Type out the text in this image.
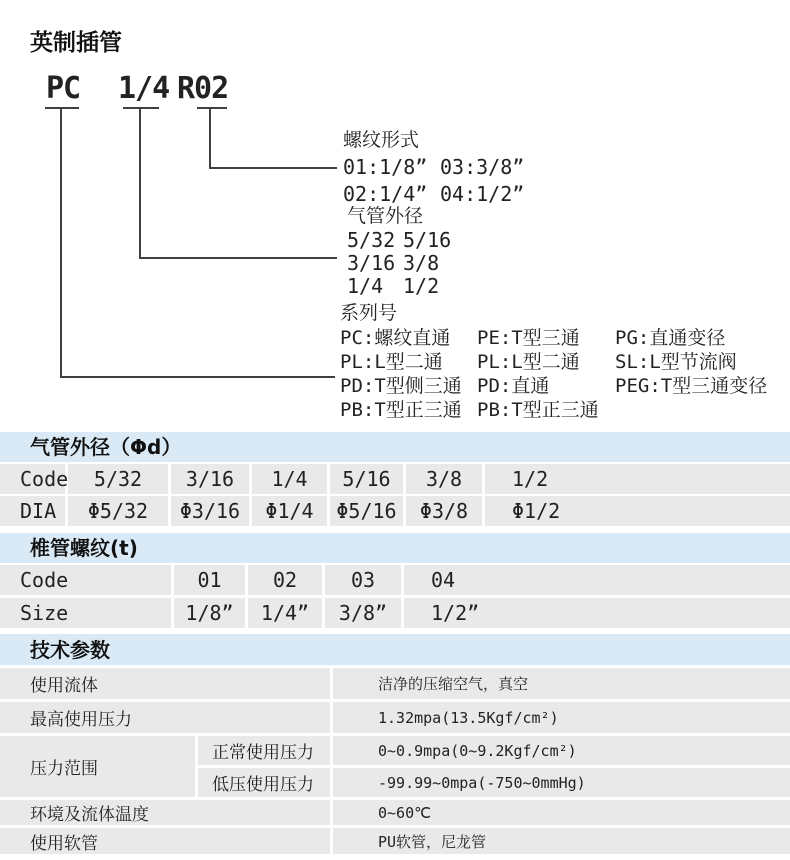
英制插管
PC 1/4 R02
螺纹形式
01:1/8” 03:3/8”
02:1/4” 04:1/2”
气管外径
5/32 5/16
3/16 3/8
1/4 1/2
系列号
PC:螺纹直通 PE:T型三通 PG:直通变径
PL:L型二通 PL:L型二通 SL:L型节流阀
PD:T型侧三通 PD:直通	PEG:T型三通变径
PB:T型正三通 PB:T型正三通
气管外径（Φd）
Code	5/32	3/16	1/4	5/16	3/8	1/2
DIA	Φ5/32	Φ3/16	Φ1/4	Φ5/16	Φ3/8	Φ1/2
椎管螺纹(t)
Code	01	02	03	04
Size	1/8”	1/4”	3/8”	1/2”
技术参数
使用流体	洁净的压缩空气，真空
最高使用压力	1.32mpa(13.5Kgf/cm²)
压力范围
正常使用压力	0~0.9mpa(0~9.2Kgf/cm²)
低压使用压力	-99.99~0mpa(-750~0mmHg)
环境及流体温度	0~60℃
使用软管	PU软管，尼龙管
